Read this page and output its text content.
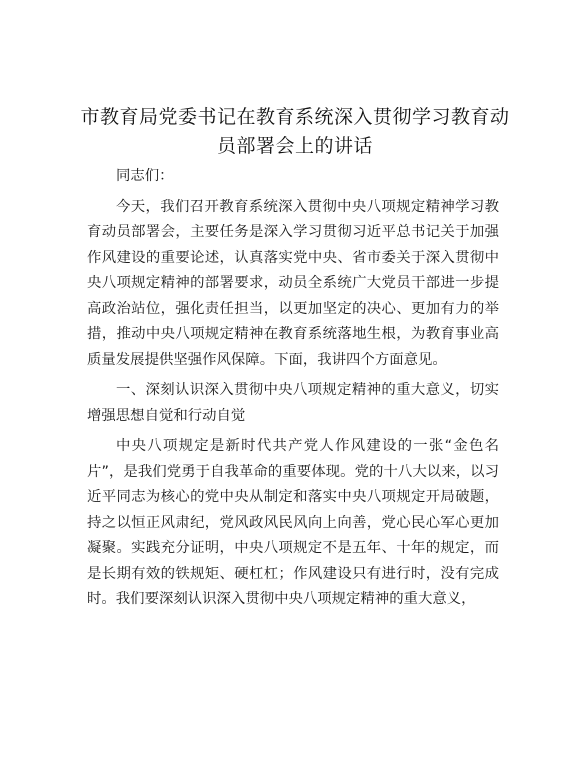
市教育局党委书记在教育系统深入贯彻学习教育动员部署会上的讲话

同志们：

今天，我们召开教育系统深入贯彻中央八项规定精神学习教育动员部署会，主要任务是深入学习贯彻习近平总书记关于加强作风建设的重要论述，认真落实党中央、省市委关于深入贯彻中央八项规定精神的部署要求，动员全系统广大党员干部进一步提高政治站位，强化责任担当，以更加坚定的决心、更加有力的举措，推动中央八项规定精神在教育系统落地生根，为教育事业高质量发展提供坚强作风保障。下面，我讲四个方面意见。

一、深刻认识深入贯彻中央八项规定精神的重大意义，切实增强思想自觉和行动自觉

中央八项规定是新时代共产党人作风建设的一张“金色名片”，是我们党勇于自我革命的重要体现。党的十八大以来，以习近平同志为核心的党中央从制定和落实中央八项规定开局破题，持之以恒正风肃纪，党风政风民风向上向善，党心民心军心更加凝聚。实践充分证明，中央八项规定不是五年、十年的规定，而是长期有效的铁规矩、硬杠杠；作风建设只有进行时，没有完成时。我们要深刻认识深入贯彻中央八项规定精神的重大意义，
